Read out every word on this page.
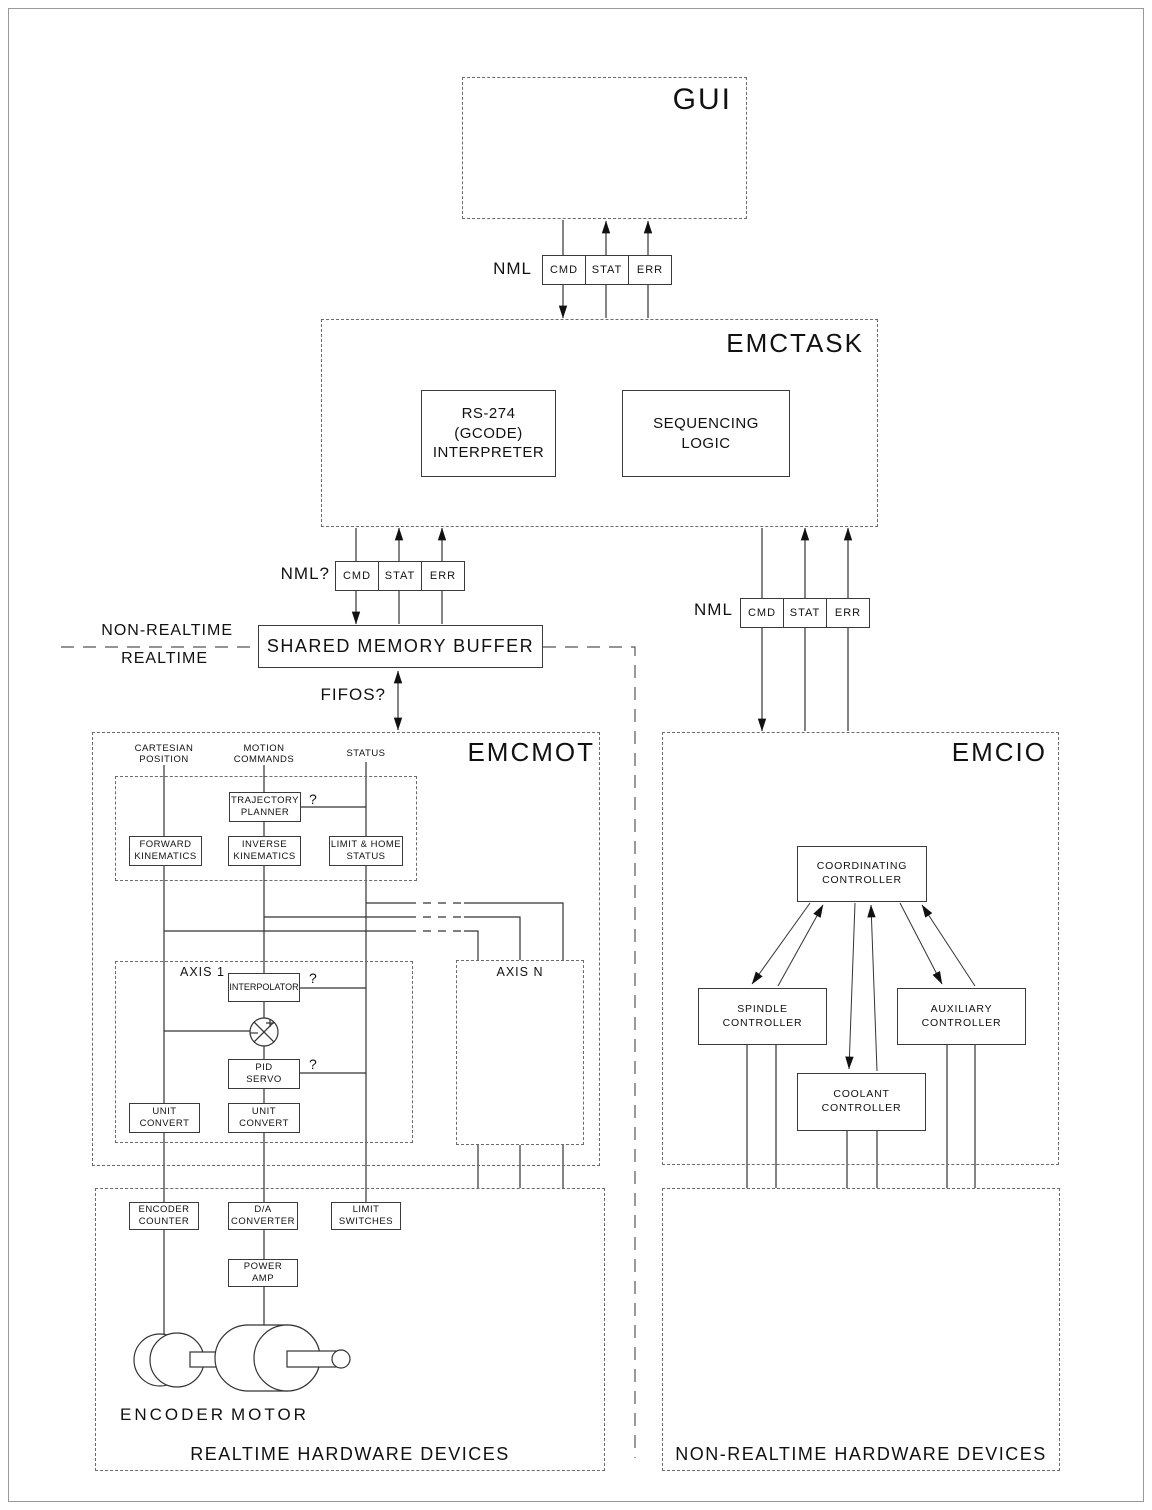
GUI
NML	CMD	STAT	ERR
EMCTASK
RS-274
(GCODE)
INTERPRETER
SEQUENCING
LOGIC
NML?	CMD	STAT	ERR
SHARED MEMORY BUFFER
NON-REALTIME
REALTIME
FIFOS?
NML	CMD	STAT	ERR
EMCMOT
CARTESIAN
POSITION
MOTION
COMMANDS
STATUS
TRAJECTORY
PLANNER
?
FORWARD
KINEMATICS
INVERSE
KINEMATICS
LIMIT & HOME
STATUS
AXIS 1
INTERPOLATOR
?
PID
SERVO
?
UNIT
CONVERT
UNIT
CONVERT
AXIS N
EMCIO
COORDINATING
CONTROLLER
SPINDLE
CONTROLLER
AUXILIARY
CONTROLLER
COOLANT
CONTROLLER
ENCODER
COUNTER
D/A
CONVERTER
LIMIT
SWITCHES
POWER
AMP
ENCODER MOTOR
REALTIME HARDWARE DEVICES	NON-REALTIME HARDWARE DEVICES
